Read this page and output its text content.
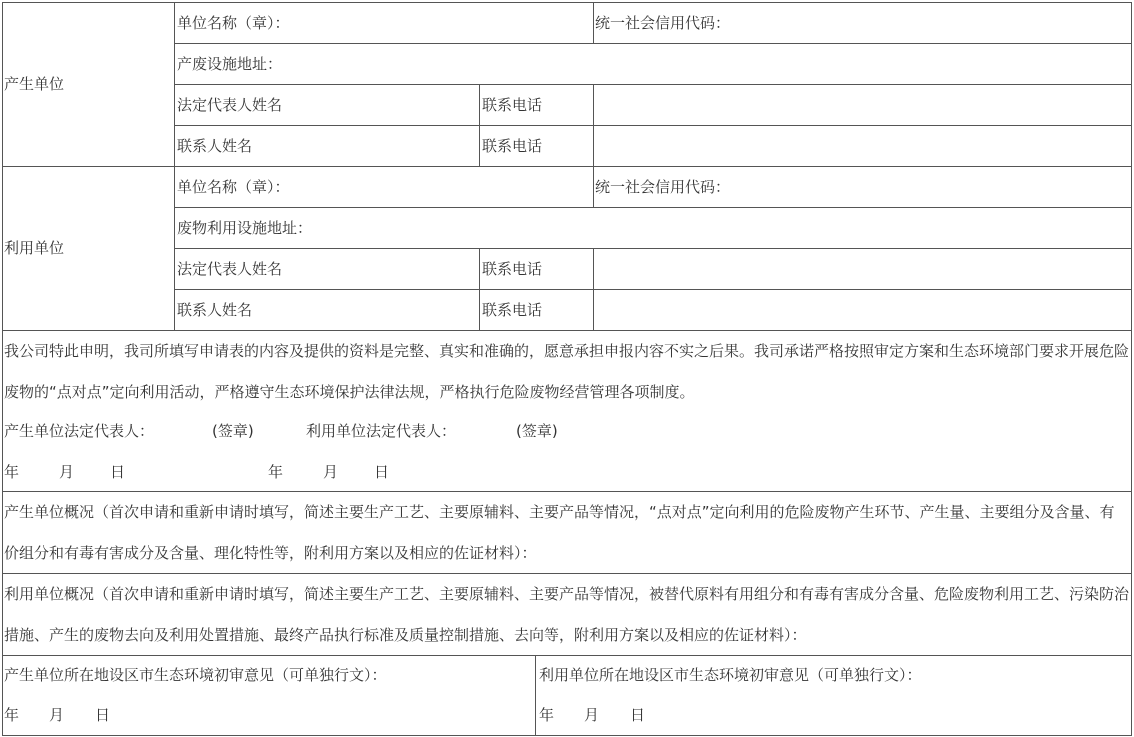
产生单位
单位名称（章）：	统一社会信用代码：
产废设施地址：
法定代表人姓名	联系电话
联系人姓名	联系电话
利用单位
单位名称（章）：	统一社会信用代码：
废物利用设施地址：
法定代表人姓名	联系电话
联系人姓名	联系电话
我公司特此申明，我司所填写申请表的内容及提供的资料是完整、真实和准确的，愿意承担申报内容不实之后果。我司承诺严格按照审定方案和生态环境部门要求开展危险废物的“点对点”定向利用活动，严格遵守生态环境保护法律法规，严格执行危险废物经营管理各项制度。
产生单位法定代表人：	(签章)	利用单位法定代表人：	(签章)
年	月 日	年	月 日
产生单位概况（首次申请和重新申请时填写，简述主要生产工艺、主要原辅料、主要产品等情况，“点对点”定向利用的危险废物产生环节、产生量、主要组分及含量、有价组分和有毒有害成分及含量、理化特性等，附利用方案以及相应的佐证材料）：
利用单位概况（首次申请和重新申请时填写，简述主要生产工艺、主要原辅料、主要产品等情况，被替代原料有用组分和有毒有害成分含量、危险废物利用工艺、污染防治措施、产生的废物去向及利用处置措施、最终产品执行标准及质量控制措施、去向等，附利用方案以及相应的佐证材料）：
产生单位所在地设区市生态环境初审意见（可单独行文）：	利用单位所在地设区市生态环境初审意见（可单独行文）：
年 月 日	年 月 日
